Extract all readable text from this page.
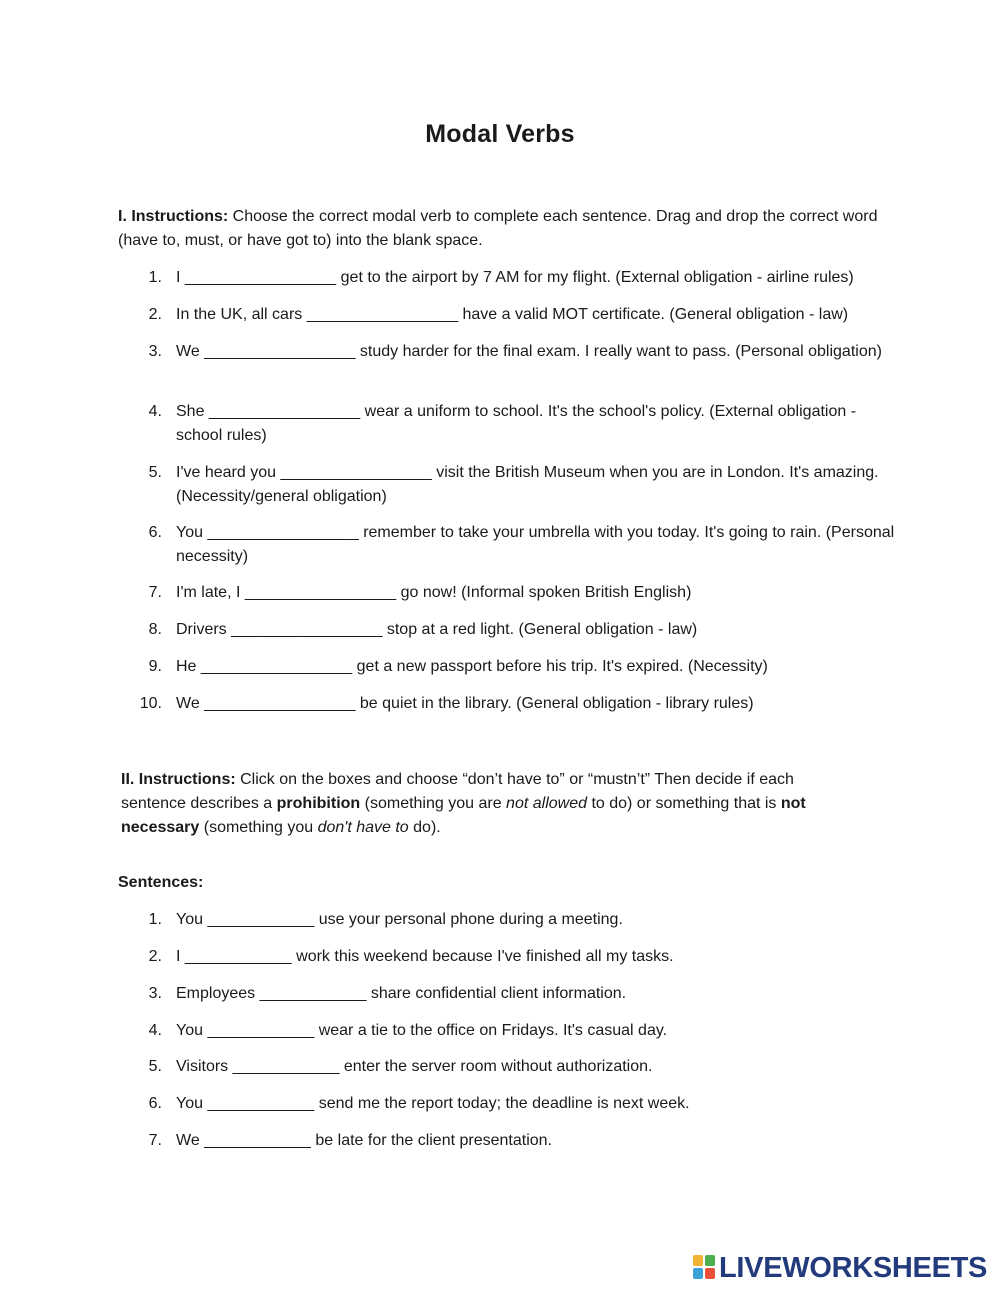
Modal Verbs
I. Instructions: Choose the correct modal verb to complete each sentence. Drag and drop the correct word (have to, must, or have got to) into the blank space.
1. I _________________ get to the airport by 7 AM for my flight. (External obligation - airline rules)
2. In the UK, all cars _________________ have a valid MOT certificate. (General obligation - law)
3. We _________________ study harder for the final exam. I really want to pass. (Personal obligation)
4. She _________________ wear a uniform to school. It's the school's policy. (External obligation - school rules)
5. I've heard you _________________ visit the British Museum when you are in London. It's amazing. (Necessity/general obligation)
6. You _________________ remember to take your umbrella with you today. It's going to rain. (Personal necessity)
7. I'm late, I _________________ go now! (Informal spoken British English)
8. Drivers _________________ stop at a red light. (General obligation - law)
9. He _________________ get a new passport before his trip. It's expired. (Necessity)
10. We _________________ be quiet in the library. (General obligation - library rules)
II. Instructions: Click on the boxes and choose “don’t have to” or “mustn’t” Then decide if each sentence describes a prohibition (something you are not allowed to do) or something that is not necessary (something you don't have to do).
Sentences:
1. You ____________ use your personal phone during a meeting.
2. I ____________ work this weekend because I've finished all my tasks.
3. Employees ____________ share confidential client information.
4. You ____________ wear a tie to the office on Fridays. It's casual day.
5. Visitors ____________ enter the server room without authorization.
6. You ____________ send me the report today; the deadline is next week.
7. We ____________ be late for the client presentation.
LIVEWORKSHEETS
